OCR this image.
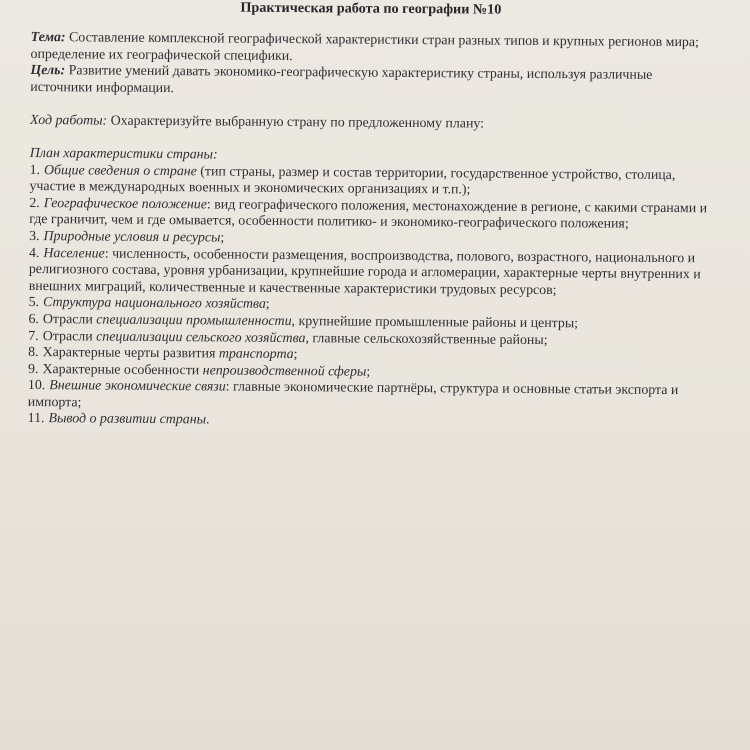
Практическая работа по географии №10

Тема: Составление комплексной географической характеристики стран разных типов и крупных регионов мира; определение их географической специфики.

Цель: Развитие умений давать экономико-географическую характеристику страны, используя различные источники информации.

Ход работы: Охарактеризуйте выбранную страну по предложенному плану:

План характеристики страны:

1. Общие сведения о стране (тип страны, размер и состав территории, государственное устройство, столица, участие в международных военных и экономических организациях и т.п.);

2. Географическое положение: вид географического положения, местонахождение в регионе, с какими странами и где граничит, чем и где омывается, особенности политико- и экономико-географического положения;

3. Природные условия и ресурсы;

4. Население: численность, особенности размещения, воспроизводства, полового, возрастного, национального и религиозного состава, уровня урбанизации, крупнейшие города и агломерации, характерные черты внутренних и внешних миграций, количественные и качественные характеристики трудовых ресурсов;

5. Структура национального хозяйства;

6. Отрасли специализации промышленности, крупнейшие промышленные районы и центры;

7. Отрасли специализации сельского хозяйства, главные сельскохозяйственные районы;

8. Характерные черты развития транспорта;

9. Характерные особенности непроизводственной сферы;

10. Внешние экономические связи: главные экономические партнёры, структура и основные статьи экспорта и импорта;

11. Вывод о развитии страны.
